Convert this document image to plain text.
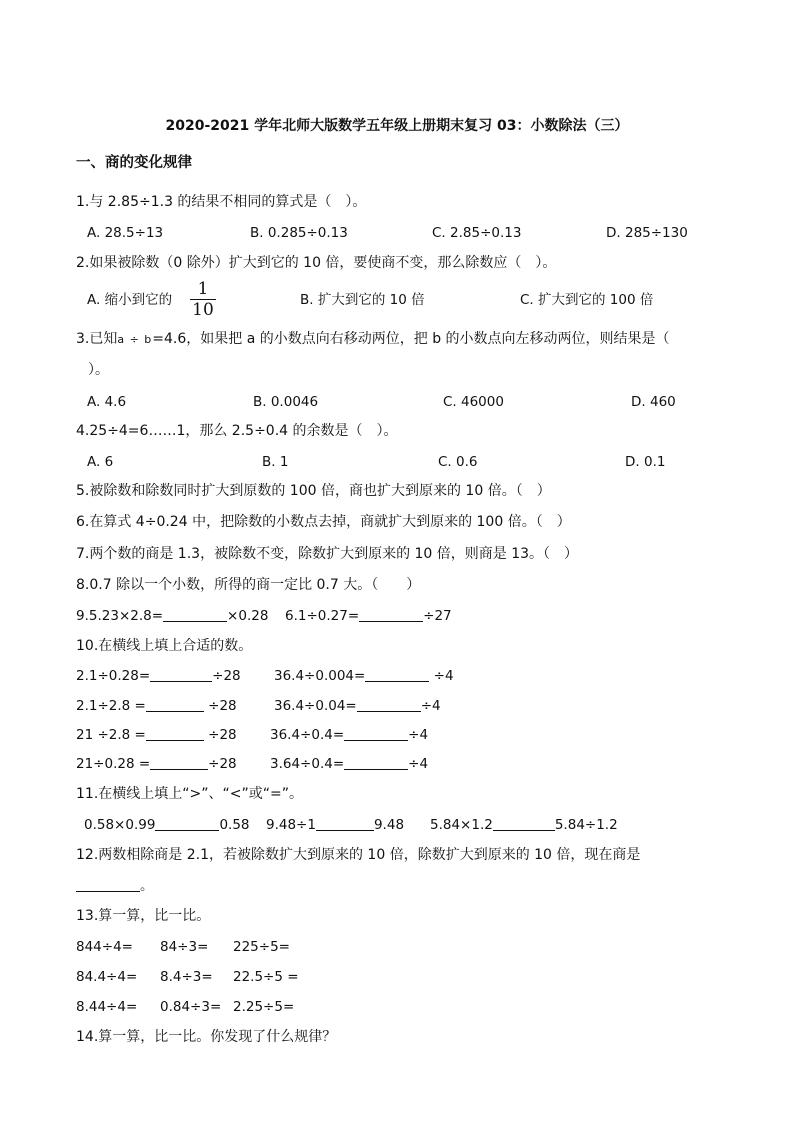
2020-2021 学年北师大版数学五年级上册期末复习 03：小数除法（三）
一、商的变化规律
1.与 2.85÷1.3 的结果不相同的算式是（　）。
A. 28.5÷13	B. 0.285÷0.13	C. 2.85÷0.13	D. 285÷130
2.如果被除数（0 除外）扩大到它的 10 倍，要使商不变，那么除数应（　）。
A. 缩小到它的
1
10	B. 扩大到它的 10 倍	C. 扩大到它的 100 倍
3.已知a ÷ b=4.6，如果把 a 的小数点向右移动两位，把 b 的小数点向左移动两位，则结果是（
）。
A. 4.6	B. 0.0046	C. 46000	D. 460
4.25÷4=6……1，那么 2.5÷0.4 的余数是（　）。
A. 6	B. 1	C. 0.6	D. 0.1
5.被除数和除数同时扩大到原数的 100 倍，商也扩大到原来的 10 倍。（　）
6.在算式 4÷0.24 中，把除数的小数点去掉，商就扩大到原来的 100 倍。（　）
7.两个数的商是 1.3，被除数不变，除数扩大到原来的 10 倍，则商是 13。（　）
8.0.7 除以一个小数，所得的商一定比 0.7 大。（　　）
9.5.23×2.8=	×0.28 6.1÷0.27=	÷27
10.在横线上填上合适的数。
2.1÷0.28=	÷28 36.4÷0.004=	÷4
2.1÷2.8 =	÷28	36.4÷0.04=	÷4
21 ÷2.8 =	÷28 36.4÷0.4=	÷4
21÷0.28 =	÷28 3.64÷0.4=	÷4
11.在横线上填上“>”、“<”或“=”。
0.58×0.99	0.58 9.48÷1	9.48 5.84×1.2	5.84÷1.2
12.两数相除商是 2.1，若被除数扩大到原来的 10 倍，除数扩大到原来的 10 倍，现在商是
。
13.算一算，比一比。
844÷4= 84÷3= 225÷5=
84.4÷4= 8.4÷3= 22.5÷5 =
8.44÷4= 0.84÷3= 2.25÷5=
14.算一算，比一比。你发现了什么规律？
